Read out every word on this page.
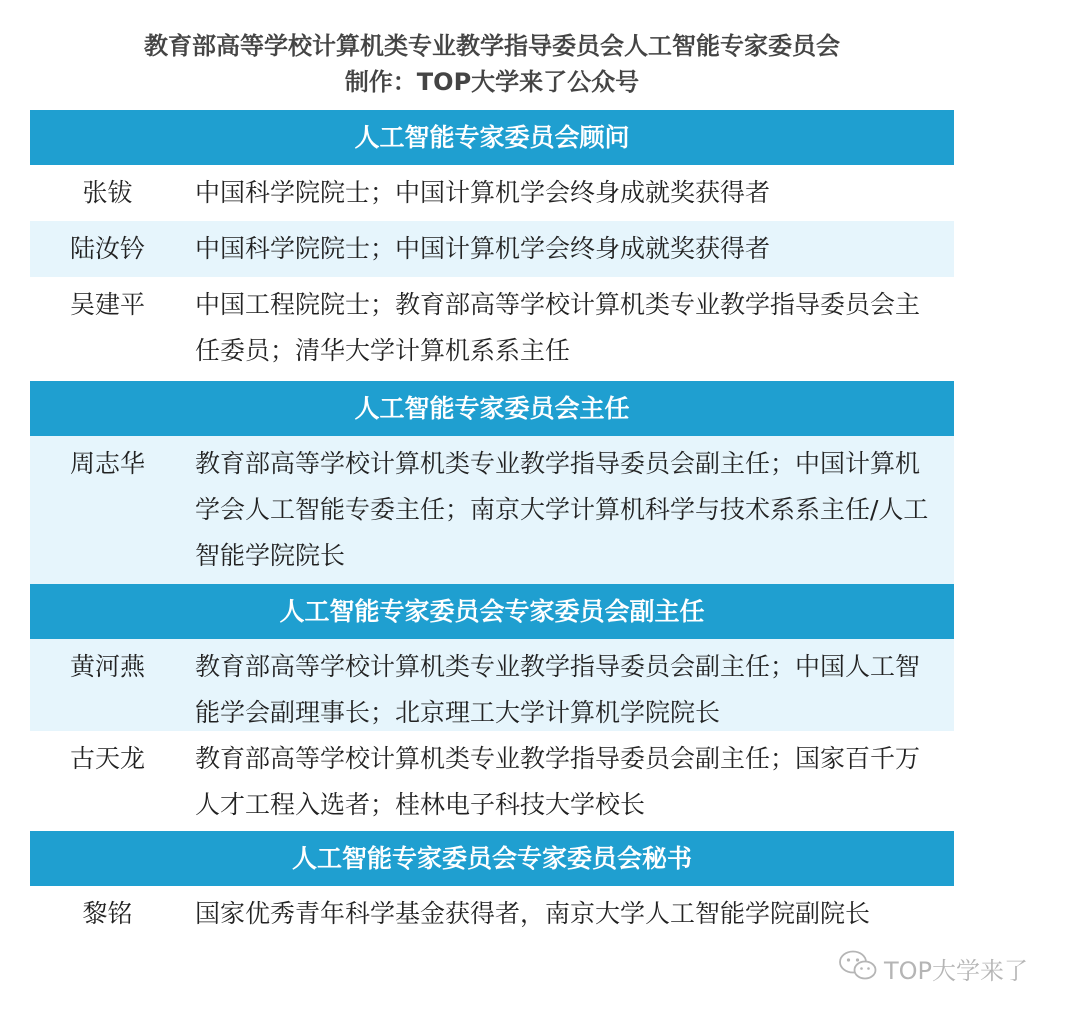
教育部高等学校计算机类专业教学指导委员会人工智能专家委员会
制作：TOP大学来了公众号
人工智能专家委员会顾问
张钹	中国科学院院士；中国计算机学会终身成就奖获得者
陆汝钤	中国科学院院士；中国计算机学会终身成就奖获得者
吴建平	中国工程院院士；教育部高等学校计算机类专业教学指导委员会主任委员；清华大学计算机系系主任
人工智能专家委员会主任
周志华	教育部高等学校计算机类专业教学指导委员会副主任；中国计算机学会人工智能专委主任；南京大学计算机科学与技术系系主任/人工智能学院院长
人工智能专家委员会专家委员会副主任
黄河燕	教育部高等学校计算机类专业教学指导委员会副主任；中国人工智能学会副理事长；北京理工大学计算机学院院长
古天龙	教育部高等学校计算机类专业教学指导委员会副主任；国家百千万人才工程入选者；桂林电子科技大学校长
人工智能专家委员会专家委员会秘书
黎铭	国家优秀青年科学基金获得者，南京大学人工智能学院副院长
TOP大学来了
